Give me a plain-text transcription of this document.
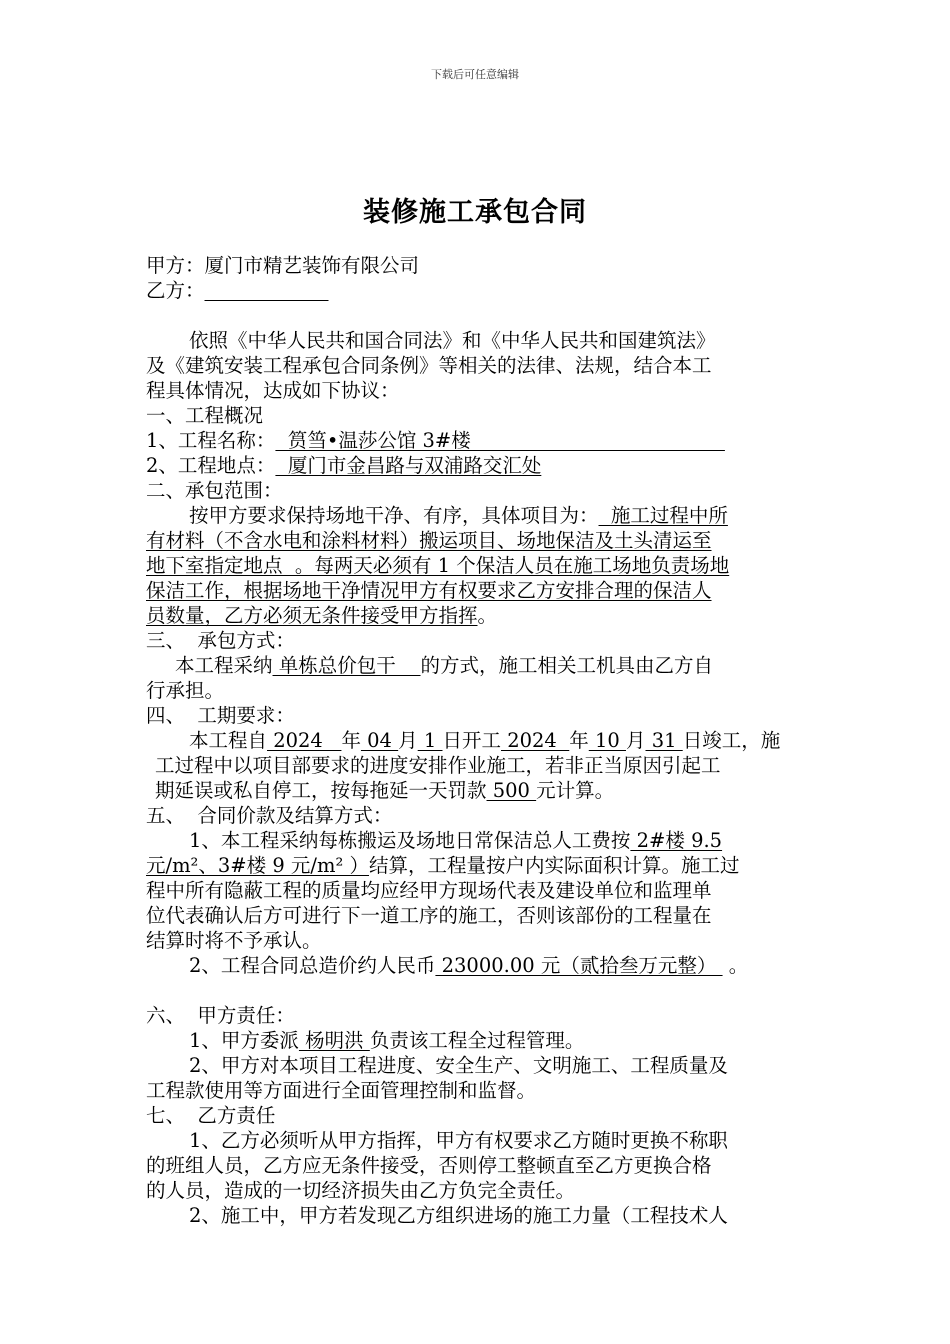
下载后可任意编辑
装修施工承包合同
甲方：厦门市精艺装饰有限公司
乙方：
依照《中华人民共和国合同法》和《中华人民共和国建筑法》
及《建筑安装工程承包合同条例》等相关的法律、法规，结合本工
程具体情况，达成如下协议：
一、工程概况
1、工程名称：  筼筜•温莎公馆 3#楼
2、工程地点：  厦门市金昌路与双浦路交汇处
二、承包范围：
按甲方要求保持场地干净、有序，具体项目为：  施工过程中所
有材料（不含水电和涂料材料）搬运项目、场地保洁及土头清运至
地下室指定地点  。每两天必须有 1 个保洁人员在施工场地负责场地
保洁工作，根据场地干净情况甲方有权要求乙方安排合理的保洁人
员数量，乙方必须无条件接受甲方指挥。
三、  承包方式：
本工程采纳 单栋总价包干    的方式，施工相关工机具由乙方自
行承担。
四、  工期要求：
本工程自 2024   年 04 月 1 日开工 2024  年 10 月 31 日竣工，施
工过程中以项目部要求的进度安排作业施工，若非正当原因引起工
期延误或私自停工，按每拖延一天罚款 500 元计算。
五、  合同价款及结算方式：
1、本工程采纳每栋搬运及场地日常保洁总人工费按 2#楼 9.5
元/m²、3#楼 9 元/m² ）结算，工程量按户内实际面积计算。施工过
程中所有隐蔽工程的质量均应经甲方现场代表及建设单位和监理单
位代表确认后方可进行下一道工序的施工，否则该部份的工程量在
结算时将不予承认。
2、工程合同总造价约人民币 23000.00 元（贰拾叁万元整）  。
六、  甲方责任：
1、甲方委派 杨明洪 负责该工程全过程管理。
2、甲方对本项目工程进度、安全生产、文明施工、工程质量及
工程款使用等方面进行全面管理控制和监督。
七、  乙方责任
1、乙方必须听从甲方指挥，甲方有权要求乙方随时更换不称职
的班组人员，乙方应无条件接受，否则停工整顿直至乙方更换合格
的人员，造成的一切经济损失由乙方负完全责任。
2、施工中，甲方若发现乙方组织进场的施工力量（工程技术人
